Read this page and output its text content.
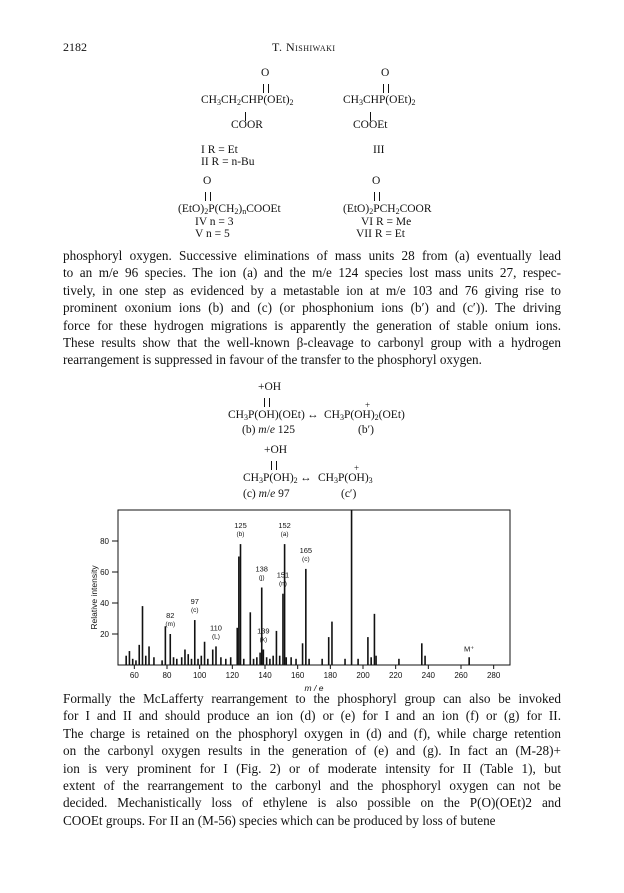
2182	T. Nishiwaki
O
$CH_3CH_2CHP(OEt)_2$
COOR
I R = Et
II R = n-Bu
O
$CH_3CHP(OEt)_2$
COOEt
III
O
$(EtO)_2P(CH_2)_nCOOEt$
IV n = 3
V n = 5
O
$(EtO)_2PCH_2COOR$
VI R = Me
VII R = Et
phosphoryl oxygen. Successive eliminations of mass units 28 from (a) eventually lead
to an m/e 96 species. The ion (a) and the m/e 124 species lost mass units 27, respec-
tively, in one step as evidenced by a metastable ion at m/e 103 and 76 giving rise to
prominent oxonium ions (b) and (c) (or phosphonium ions (b′) and (c′)). The driving
force for these hydrogen migrations is apparently the generation of stable onium ions.
These results show that the well-known β-cleavage to carbonyl group with a hydrogen
rearrangement is suppressed in favour of the transfer to the phosphoryl oxygen.
+OH
$CH_3P(OH)(OEt)$ ↔
+
$CH_3P(OH)_2(OEt)$
(b) m/e 125	(b′)
+OH
$CH_3P(OH)_2$ ↔
+
$CH_3P(OH)_3$
(c) m/e 97	(c′)
125
(b)
152
(a)
165
(c)
138
(j) 151
(n)
97
(c)
82
(m)	110
(L)
139
(k)
M⁺
20
40
60
80
60	80	100 120 140 160 180 200 220 240 260 280
m / e
Relative intensity
Formally the McLafferty rearrangement to the phosphoryl group can also be invoked
for I and II and should produce an ion (d) or (e) for I and an ion (f) or (g) for II.
The charge is retained on the phosphoryl oxygen in (d) and (f), while charge retention
on the carbonyl oxygen results in the generation of (e) and (g). In fact an (M-28)+
ion is very prominent for I (Fig. 2) or of moderate intensity for II (Table 1), but
extent of the rearrangement to the carbonyl and the phosphoryl oxygen can not be
decided. Mechanistically loss of ethylene is also possible on the P(O)(OEt)2 and
COOEt groups. For II an (M-56) species which can be produced by loss of butene
